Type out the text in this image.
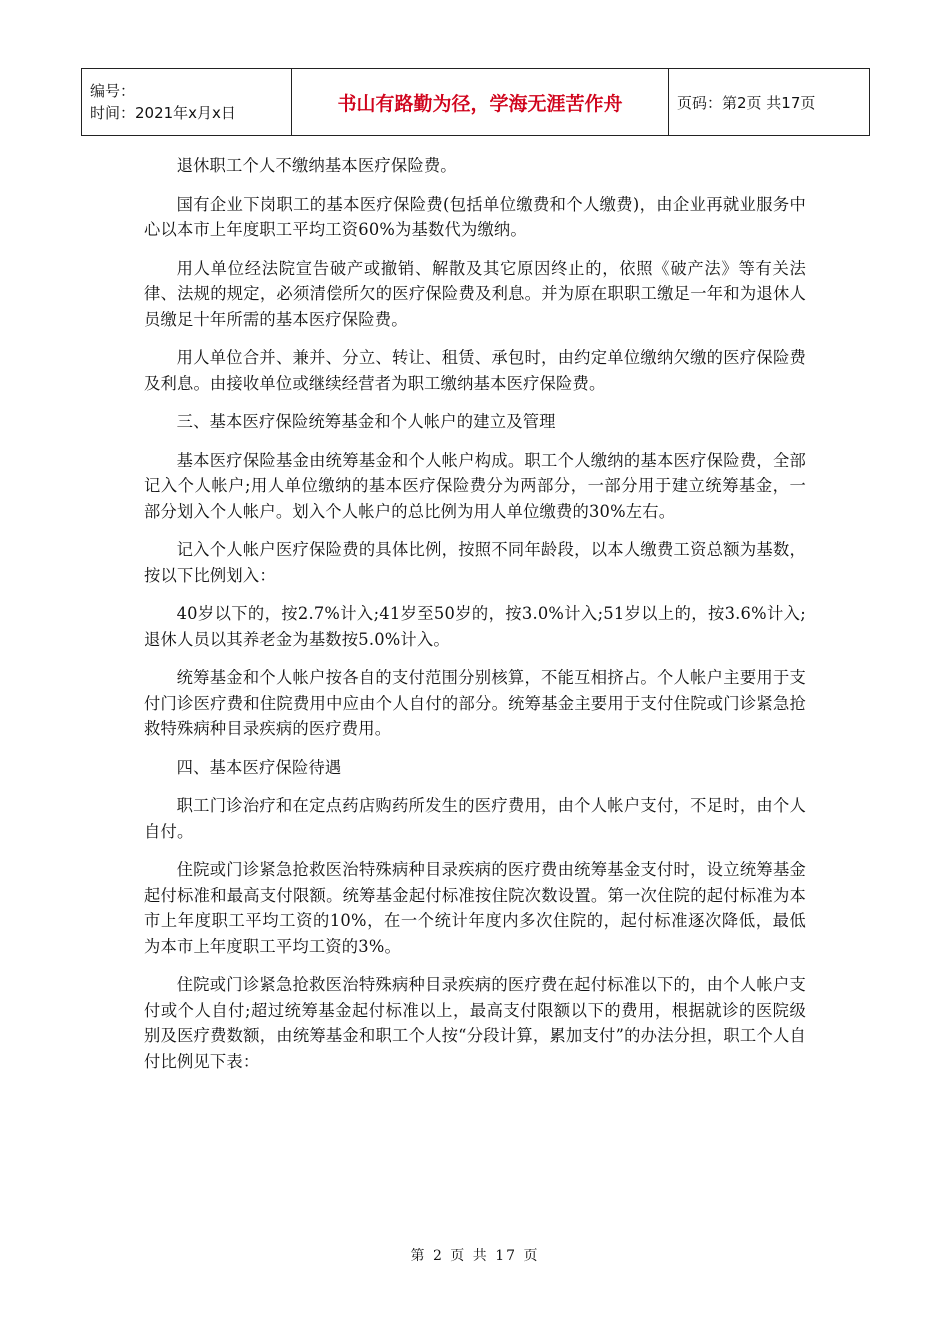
编号：
时间：2021年x月x日	书山有路勤为径，学海无涯苦作舟	页码：第2页 共17页

退休职工个人不缴纳基本医疗保险费。

国有企业下岗职工的基本医疗保险费(包括单位缴费和个人缴费)，由企业再就业服务中心以本市上年度职工平均工资60%为基数代为缴纳。

用人单位经法院宣告破产或撤销、解散及其它原因终止的，依照《破产法》等有关法律、法规的规定，必须清偿所欠的医疗保险费及利息。并为原在职职工缴足一年和为退休人员缴足十年所需的基本医疗保险费。

用人单位合并、兼并、分立、转让、租赁、承包时，由约定单位缴纳欠缴的医疗保险费及利息。由接收单位或继续经营者为职工缴纳基本医疗保险费。

三、基本医疗保险统筹基金和个人帐户的建立及管理

基本医疗保险基金由统筹基金和个人帐户构成。职工个人缴纳的基本医疗保险费，全部记入个人帐户;用人单位缴纳的基本医疗保险费分为两部分，一部分用于建立统筹基金，一部分划入个人帐户。划入个人帐户的总比例为用人单位缴费的30%左右。

记入个人帐户医疗保险费的具体比例，按照不同年龄段，以本人缴费工资总额为基数，按以下比例划入：

40岁以下的，按2.7%计入;41岁至50岁的，按3.0%计入;51岁以上的，按3.6%计入;退休人员以其养老金为基数按5.0%计入。

统筹基金和个人帐户按各自的支付范围分别核算，不能互相挤占。个人帐户主要用于支付门诊医疗费和住院费用中应由个人自付的部分。统筹基金主要用于支付住院或门诊紧急抢救特殊病种目录疾病的医疗费用。

四、基本医疗保险待遇

职工门诊治疗和在定点药店购药所发生的医疗费用，由个人帐户支付，不足时，由个人自付。

住院或门诊紧急抢救医治特殊病种目录疾病的医疗费由统筹基金支付时，设立统筹基金起付标准和最高支付限额。统筹基金起付标准按住院次数设置。第一次住院的起付标准为本市上年度职工平均工资的10%，在一个统计年度内多次住院的，起付标准逐次降低，最低为本市上年度职工平均工资的3%。

住院或门诊紧急抢救医治特殊病种目录疾病的医疗费在起付标准以下的，由个人帐户支付或个人自付;超过统筹基金起付标准以上，最高支付限额以下的费用，根据就诊的医院级别及医疗费数额，由统筹基金和职工个人按“分段计算，累加支付”的办法分担，职工个人自付比例见下表：

第 2 页 共 17 页
